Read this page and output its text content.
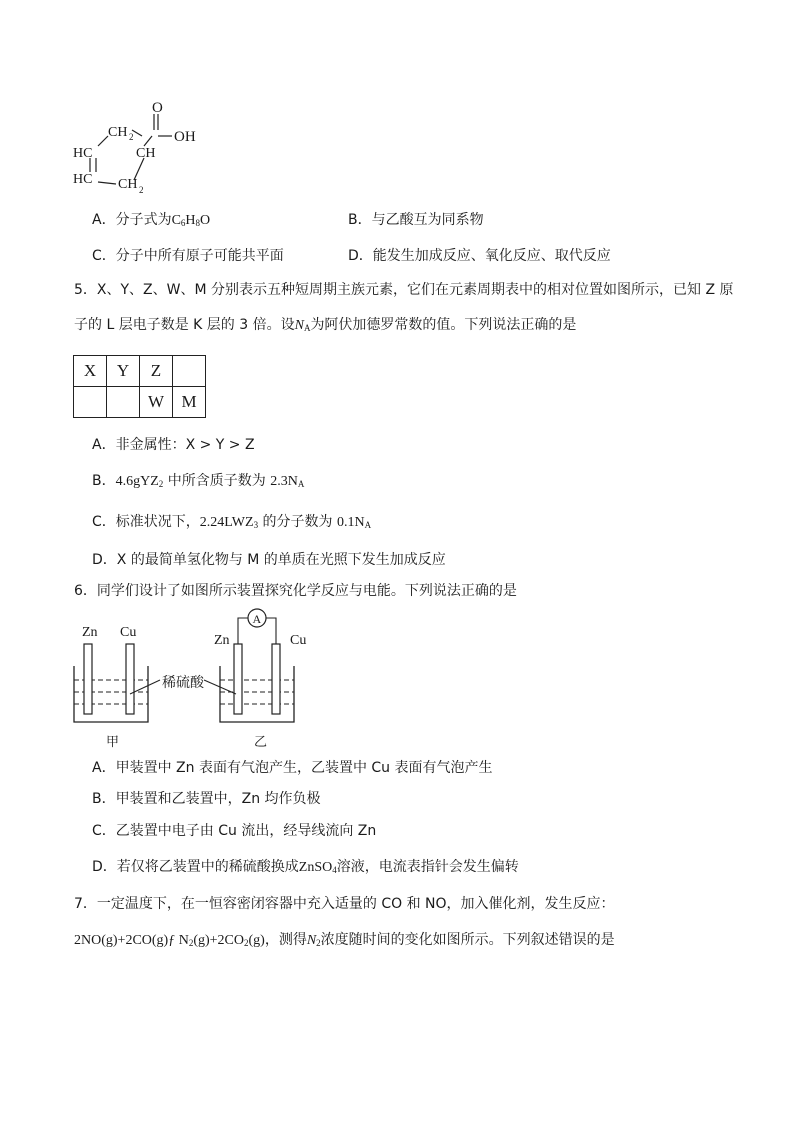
O
OH
CH 2
CH
HC
HC CH 2
A．分子式为$C_6H_8O$	B．与乙酸互为同系物
C．分子中所有原子可能共平面	D．能发生加成反应、氧化反应、取代反应
5．X、Y、Z、W、M 分别表示五种短周期主族元素，它们在元素周期表中的相对位置如图所示，已知 Z 原
子的 L 层电子数是 K 层的 3 倍。设$N_A$为阿伏加德罗常数的值。下列说法正确的是
X	Y	Z	
		W	M
A．非金属性：X > Y > Z
B．4.6gYZ$_2$ 中所含质子数为 $2.3N_A$
C．标准状况下，$2.24LWZ_3$ 的分子数为 $0.1N_A$
D．X 的最简单氢化物与 M 的单质在光照下发生加成反应
6．同学们设计了如图所示装置探究化学反应与电能。下列说法正确的是
Zn Cu
Zn	Cu
A
稀硫酸
甲	乙
A．甲装置中 Zn 表面有气泡产生，乙装置中 Cu 表面有气泡产生
B．甲装置和乙装置中，Zn 均作负极
C．乙装置中电子由 Cu 流出，经导线流向 Zn
D．若仅将乙装置中的稀硫酸换成ZnSO$_4$溶液，电流表指针会发生偏转
7．一定温度下，在一恒容密闭容器中充入适量的 CO 和 NO，加入催化剂，发生反应：
2NO(g)+2CO(g)ƒ $N_2(g)+2CO_2(g)$，测得$N_2$浓度随时间的变化如图所示。下列叙述错误的是
